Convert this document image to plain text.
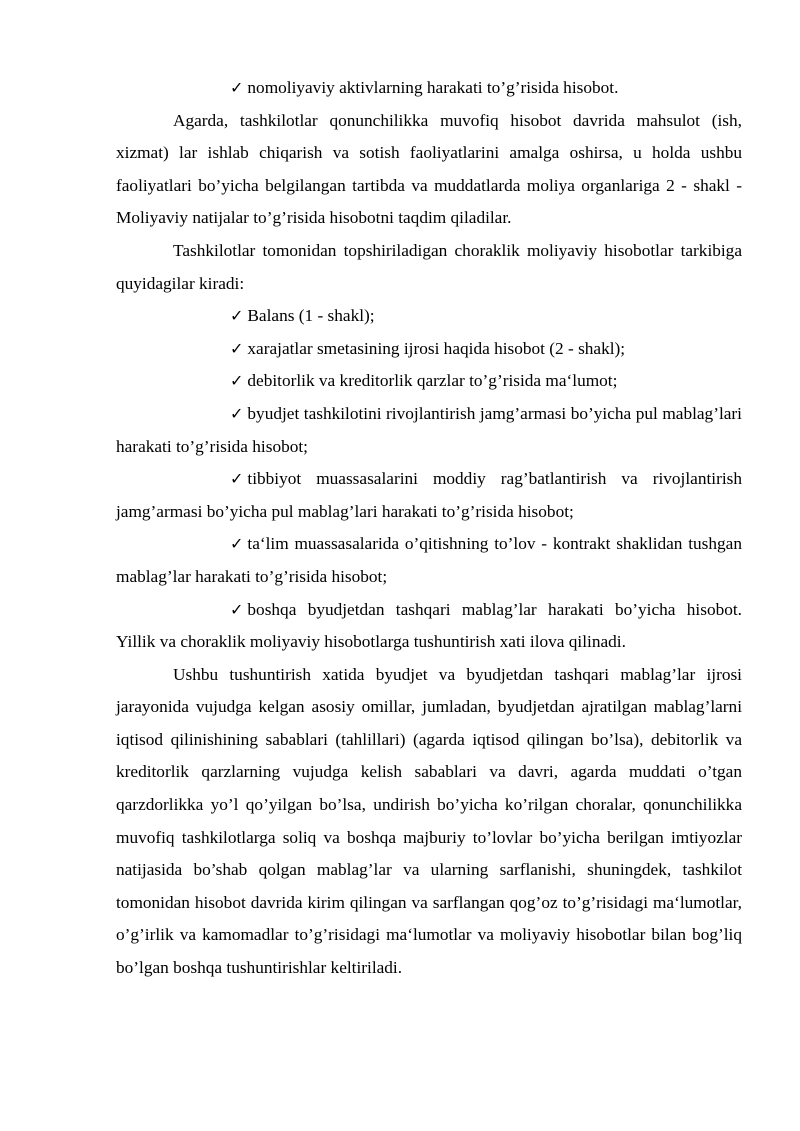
✓ nomoliyaviy aktivlarning harakati to’g’risida hisobot.

Agarda, tashkilotlar qonunchilikka muvofiq hisobot davrida mahsulot (ish, xizmat) lar ishlab chiqarish va sotish faoliyatlarini amalga oshirsa, u holda ushbu faoliyatlari bo’yicha belgilangan tartibda va muddatlarda moliya organlariga 2 - shakl - Moliyaviy natijalar to’g’risida hisobotni taqdim qiladilar.

Tashkilotlar tomonidan topshiriladigan choraklik moliyaviy hisobotlar tarkibiga quyidagilar kiradi:

✓ Balans (1 - shakl);

✓ xarajatlar smetasining ijrosi haqida hisobot (2 - shakl);

✓ debitorlik va kreditorlik qarzlar to’g’risida ma‘lumot;

✓ byudjet tashkilotini rivojlantirish jamg’armasi bo’yicha pul mablag’lari harakati to’g’risida hisobot;

✓ tibbiyot muassasalarini moddiy rag’batlantirish va rivojlantirish jamg’armasi bo’yicha pul mablag’lari harakati to’g’risida hisobot;

✓ ta‘lim muassasalarida o’qitishning to’lov - kontrakt shaklidan tushgan mablag’lar harakati to’g’risida hisobot;

✓ boshqa byudjetdan tashqari mablag’lar harakati bo’yicha hisobot. Yillik va choraklik moliyaviy hisobotlarga tushuntirish xati ilova qilinadi.

Ushbu tushuntirish xatida byudjet va byudjetdan tashqari mablag’lar ijrosi jarayonida vujudga kelgan asosiy omillar, jumladan, byudjetdan ajratilgan mablag’larni iqtisod qilinishining sabablari (tahlillari) (agarda iqtisod qilingan bo’lsa), debitorlik va kreditorlik qarzlarning vujudga kelish sabablari va davri, agarda muddati o’tgan qarzdorlikka yo’l qo’yilgan bo’lsa, undirish bo’yicha ko’rilgan choralar, qonunchilikka muvofiq tashkilotlarga soliq va boshqa majburiy to’lovlar bo’yicha berilgan imtiyozlar natijasida bo’shab qolgan mablag’lar va ularning sarflanishi, shuningdek, tashkilot tomonidan hisobot davrida kirim qilingan va sarflangan qog’oz to’g’risidagi ma‘lumotlar, o’g’irlik va kamomadlar to’g’risidagi ma‘lumotlar va moliyaviy hisobotlar bilan bog’liq bo’lgan boshqa tushuntirishlar keltiriladi.
